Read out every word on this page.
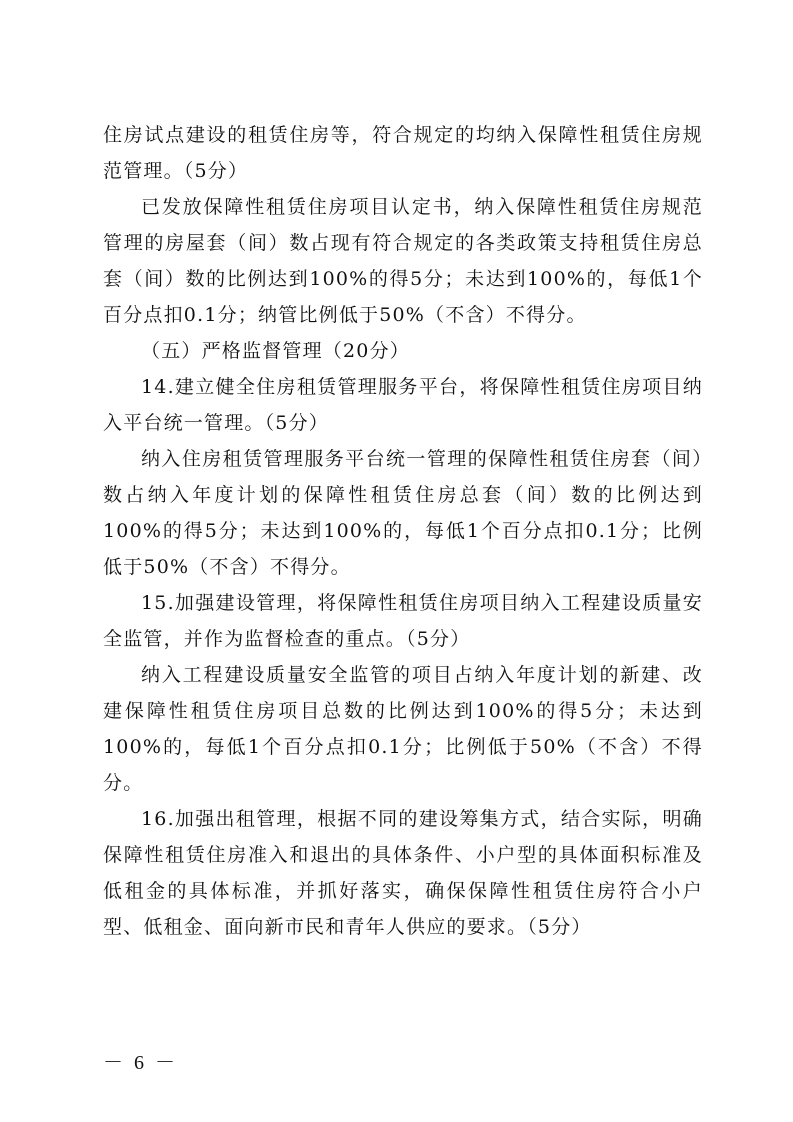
住房试点建设的租赁住房等，符合规定的均纳入保障性租赁住房规范管理。（5分）

已发放保障性租赁住房项目认定书，纳入保障性租赁住房规范管理的房屋套（间）数占现有符合规定的各类政策支持租赁住房总套（间）数的比例达到100%的得5分；未达到100%的，每低1个百分点扣0.1分；纳管比例低于50%（不含）不得分。

（五）严格监督管理（20分）

14.建立健全住房租赁管理服务平台，将保障性租赁住房项目纳入平台统一管理。（5分）

纳入住房租赁管理服务平台统一管理的保障性租赁住房套（间）数占纳入年度计划的保障性租赁住房总套（间）数的比例达到100%的得5分；未达到100%的，每低1个百分点扣0.1分；比例低于50%（不含）不得分。

15.加强建设管理，将保障性租赁住房项目纳入工程建设质量安全监管，并作为监督检查的重点。（5分）

纳入工程建设质量安全监管的项目占纳入年度计划的新建、改建保障性租赁住房项目总数的比例达到100%的得5分；未达到100%的，每低1个百分点扣0.1分；比例低于50%（不含）不得分。

16.加强出租管理，根据不同的建设筹集方式，结合实际，明确保障性租赁住房准入和退出的具体条件、小户型的具体面积标准及低租金的具体标准，并抓好落实，确保保障性租赁住房符合小户型、低租金、面向新市民和青年人供应的要求。（5分）

－ 6 －
